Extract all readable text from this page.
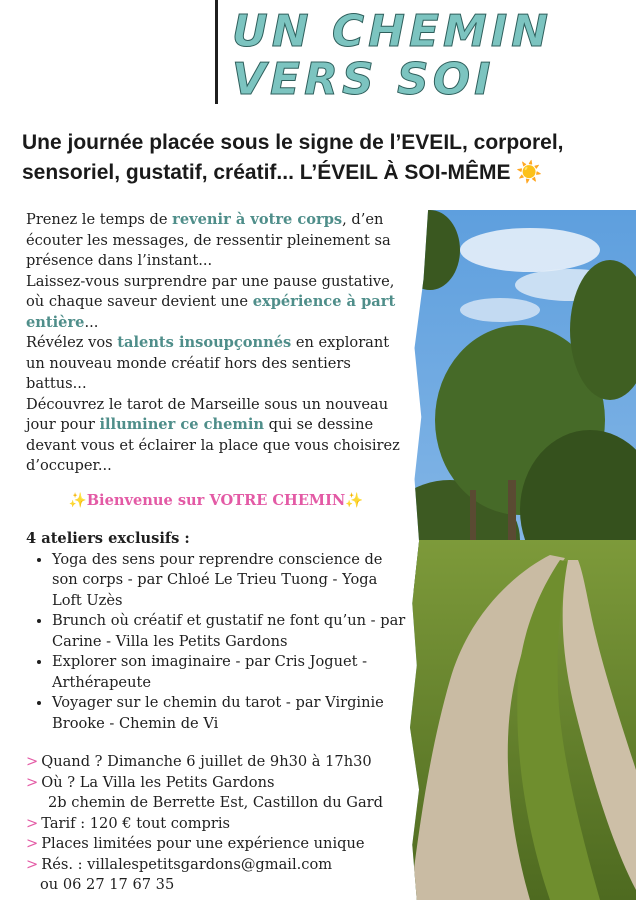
UN CHEMIN
VERS SOI
Une journée placée sous le signe de l’EVEIL, corporel, sensoriel, gustatif, créatif... L’ÉVEIL À SOI-MÊME ☀️

Prenez le temps de revenir à votre corps, d’en écouter les messages, de ressentir pleinement sa présence dans l’instant...

Laissez-vous surprendre par une pause gustative, où chaque saveur devient une expérience à part entière...

Révélez vos talents insoupçonnés en explorant un nouveau monde créatif hors des sentiers battus...

Découvrez le tarot de Marseille sous un nouveau jour pour illuminer ce chemin qui se dessine devant vous et éclairer la place que vous choisirez d’occuper...

✨Bienvenue sur VOTRE CHEMIN✨

4 ateliers exclusifs :

• Yoga des sens pour reprendre conscience de son corps - par Chloé Le Trieu Tuong - Yoga Loft Uzès
• Brunch où créatif et gustatif ne font qu’un - par Carine - Villa les Petits Gardons
• Explorer son imaginaire - par Cris Joguet - Arthérapeute
• Voyager sur le chemin du tarot - par Virginie Brooke - Chemin de Vi
> Quand ? Dimanche 6 juillet de 9h30 à 17h30
> Où ? La Villa les Petits Gardons
2b chemin de Berrette Est, Castillon du Gard
> Tarif : 120 € tout compris
> Places limitées pour une expérience unique
> Rés. : villalespetitsgardons@gmail.com
ou 06 27 17 67 35
